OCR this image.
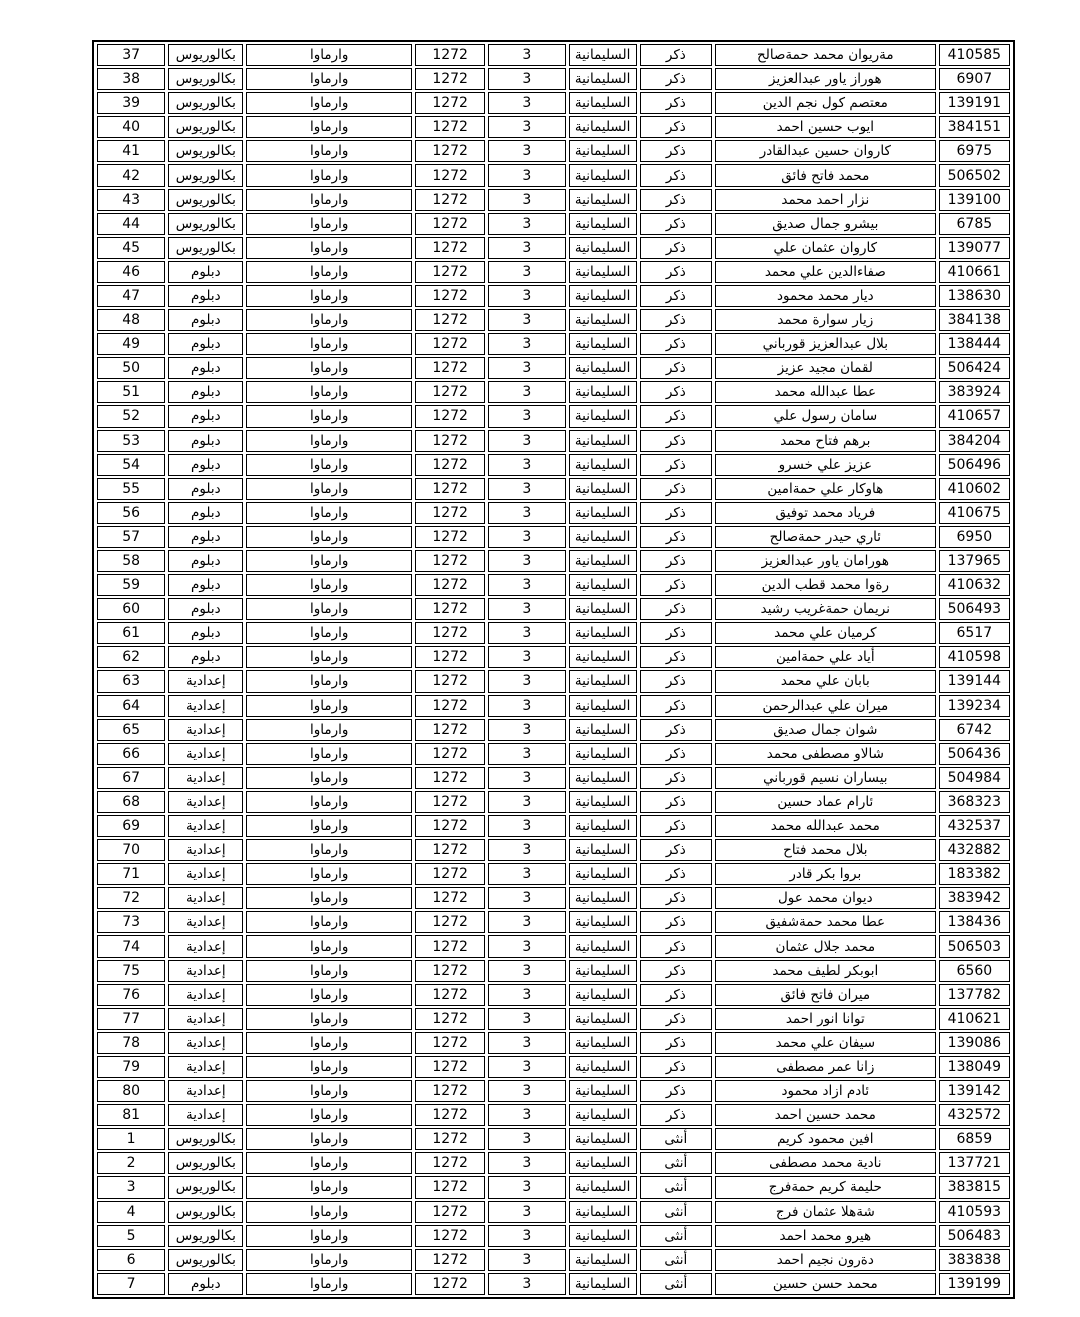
37	بكالوريوس	وارماوا	1272	3	السليمانية	ذكر	مةريوان محمد حمةصالح	410585
38	بكالوريوس	وارماوا	1272	3	السليمانية	ذكر	هوراز ياور عبدالعزيز	6907
39	بكالوريوس	وارماوا	1272	3	السليمانية	ذكر	معتصم كول نجم الدين	139191
40	بكالوريوس	وارماوا	1272	3	السليمانية	ذكر	ايوب حسين احمد	384151
41	بكالوريوس	وارماوا	1272	3	السليمانية	ذكر	كاروان حسين عبدالقادر	6975
42	بكالوريوس	وارماوا	1272	3	السليمانية	ذكر	محمد فاتح فائق	506502
43	بكالوريوس	وارماوا	1272	3	السليمانية	ذكر	نزار احمد محمد	139100
44	بكالوريوس	وارماوا	1272	3	السليمانية	ذكر	بيشرو جمال صديق	6785
45	بكالوريوس	وارماوا	1272	3	السليمانية	ذكر	كاروان عثمان علي	139077
46	دبلوم	وارماوا	1272	3	السليمانية	ذكر	صفاءالدين علي محمد	410661
47	دبلوم	وارماوا	1272	3	السليمانية	ذكر	ديار محمد محمود	138630
48	دبلوم	وارماوا	1272	3	السليمانية	ذكر	زيار سوارة محمد	384138
49	دبلوم	وارماوا	1272	3	السليمانية	ذكر	بلال عبدالعزيز قورباني	138444
50	دبلوم	وارماوا	1272	3	السليمانية	ذكر	لقمان مجيد عزيز	506424
51	دبلوم	وارماوا	1272	3	السليمانية	ذكر	عطا عبدالله محمد	383924
52	دبلوم	وارماوا	1272	3	السليمانية	ذكر	سامان رسول علي	410657
53	دبلوم	وارماوا	1272	3	السليمانية	ذكر	برهم فتاح محمد	384204
54	دبلوم	وارماوا	1272	3	السليمانية	ذكر	عزيز علي خسرو	506496
55	دبلوم	وارماوا	1272	3	السليمانية	ذكر	هاوكار علي حمةامين	410602
56	دبلوم	وارماوا	1272	3	السليمانية	ذكر	فرياد محمد توفيق	410675
57	دبلوم	وارماوا	1272	3	السليمانية	ذكر	ئاري حيدر حمةصالح	6950
58	دبلوم	وارماوا	1272	3	السليمانية	ذكر	هورامان ياور عبدالعزيز	137965
59	دبلوم	وارماوا	1272	3	السليمانية	ذكر	رةوا محمد قطب الدين	410632
60	دبلوم	وارماوا	1272	3	السليمانية	ذكر	نريمان حمةغريب رشيد	506493
61	دبلوم	وارماوا	1272	3	السليمانية	ذكر	كرميان علي محمد	6517
62	دبلوم	وارماوا	1272	3	السليمانية	ذكر	أياد علي حمةامين	410598
63	إعدادية	وارماوا	1272	3	السليمانية	ذكر	بابان علي محمد	139144
64	إعدادية	وارماوا	1272	3	السليمانية	ذكر	ميران علي عبدالرحمن	139234
65	إعدادية	وارماوا	1272	3	السليمانية	ذكر	شوان جمال صديق	6742
66	إعدادية	وارماوا	1272	3	السليمانية	ذكر	شالاو مصطفى محمد	506436
67	إعدادية	وارماوا	1272	3	السليمانية	ذكر	بيساران نسيم قورباني	504984
68	إعدادية	وارماوا	1272	3	السليمانية	ذكر	ئارام عماد حسين	368323
69	إعدادية	وارماوا	1272	3	السليمانية	ذكر	محمد عبدالله محمد	432537
70	إعدادية	وارماوا	1272	3	السليمانية	ذكر	بلال محمد فتاح	432882
71	إعدادية	وارماوا	1272	3	السليمانية	ذكر	بروا بكر قادر	183382
72	إعدادية	وارماوا	1272	3	السليمانية	ذكر	ديوان محمد عول	383942
73	إعدادية	وارماوا	1272	3	السليمانية	ذكر	عطا محمد حمةشفيق	138436
74	إعدادية	وارماوا	1272	3	السليمانية	ذكر	محمد جلال عثمان	506503
75	إعدادية	وارماوا	1272	3	السليمانية	ذكر	ابوبكر لطيف محمد	6560
76	إعدادية	وارماوا	1272	3	السليمانية	ذكر	ميران فاتح فائق	137782
77	إعدادية	وارماوا	1272	3	السليمانية	ذكر	توانا انور احمد	410621
78	إعدادية	وارماوا	1272	3	السليمانية	ذكر	سيفان علي محمد	139086
79	إعدادية	وارماوا	1272	3	السليمانية	ذكر	زانا عمر مصطفى	138049
80	إعدادية	وارماوا	1272	3	السليمانية	ذكر	ئادم ازاد محمود	139142
81	إعدادية	وارماوا	1272	3	السليمانية	ذكر	محمد حسين احمد	432572
1	بكالوريوس	وارماوا	1272	3	السليمانية	أنثى	افين محمود كريم	6859
2	بكالوريوس	وارماوا	1272	3	السليمانية	أنثى	نادية محمد مصطفى	137721
3	بكالوريوس	وارماوا	1272	3	السليمانية	أنثى	حليمة كريم حمةفرج	383815
4	بكالوريوس	وارماوا	1272	3	السليمانية	أنثى	شةهلا عثمان فرج	410593
5	بكالوريوس	وارماوا	1272	3	السليمانية	أنثى	هيرو محمد احمد	506483
6	بكالوريوس	وارماوا	1272	3	السليمانية	أنثى	دةرون نجيم احمد	383838
7	دبلوم	وارماوا	1272	3	السليمانية	أنثى	محمد حسن حسين	139199
